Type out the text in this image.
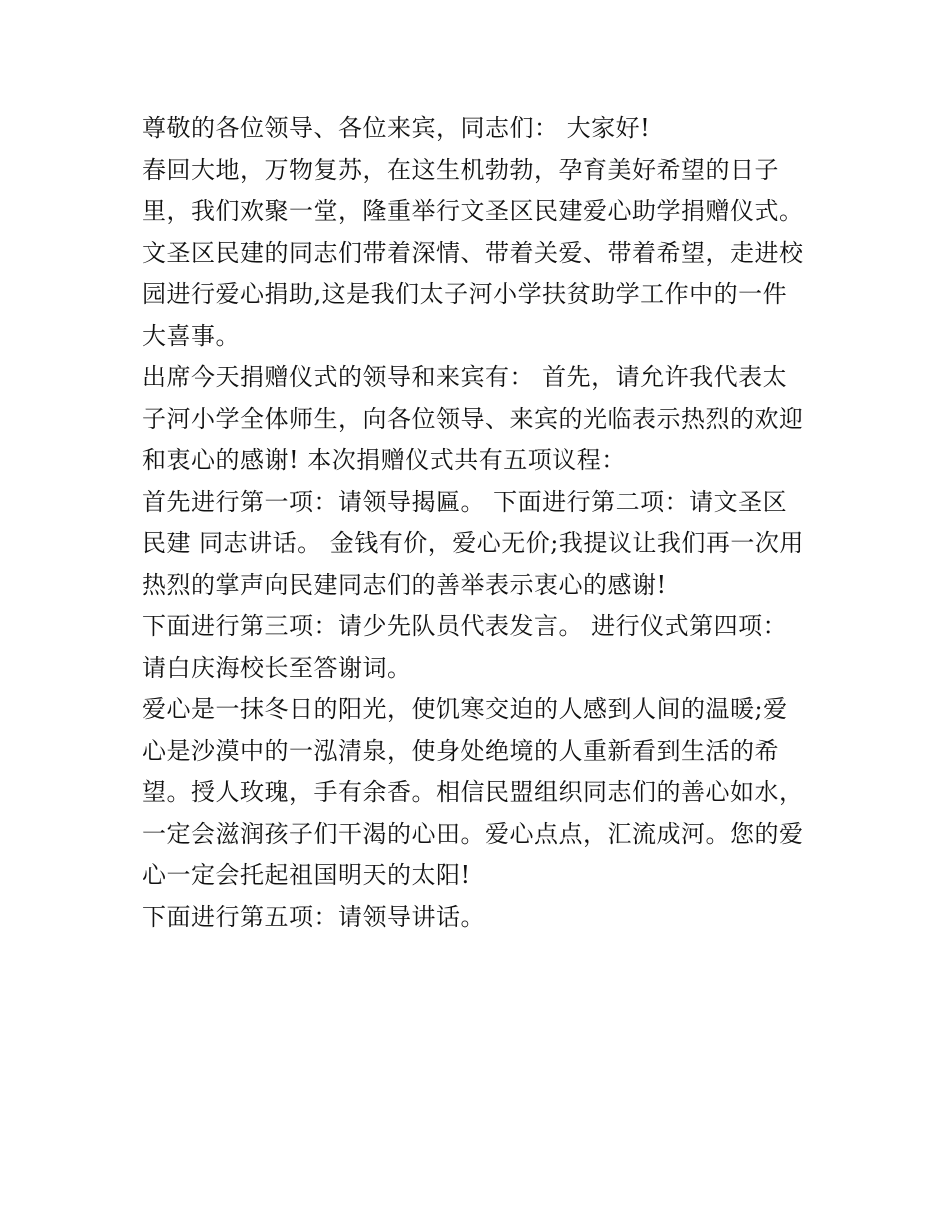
尊敬的各位领导、各位来宾，同志们： 大家好!
春回大地，万物复苏，在这生机勃勃，孕育美好希望的日子
里，我们欢聚一堂，隆重举行文圣区民建爱心助学捐赠仪式。
文圣区民建的同志们带着深情、带着关爱、带着希望，走进校
园进行爱心捐助,这是我们太子河小学扶贫助学工作中的一件
大喜事。
出席今天捐赠仪式的领导和来宾有： 首先，请允许我代表太
子河小学全体师生，向各位领导、来宾的光临表示热烈的欢迎
和衷心的感谢! 本次捐赠仪式共有五项议程：
首先进行第一项：请领导揭匾。 下面进行第二项：请文圣区
民建 同志讲话。 金钱有价，爱心无价;我提议让我们再一次用
热烈的掌声向民建同志们的善举表示衷心的感谢!
下面进行第三项：请少先队员代表发言。 进行仪式第四项：
请白庆海校长至答谢词。
爱心是一抹冬日的阳光，使饥寒交迫的人感到人间的温暖;爱
心是沙漠中的一泓清泉，使身处绝境的人重新看到生活的希
望。授人玫瑰，手有余香。相信民盟组织同志们的善心如水，
一定会滋润孩子们干渴的心田。爱心点点，汇流成河。您的爱
心一定会托起祖国明天的太阳!
下面进行第五项：请领导讲话。
